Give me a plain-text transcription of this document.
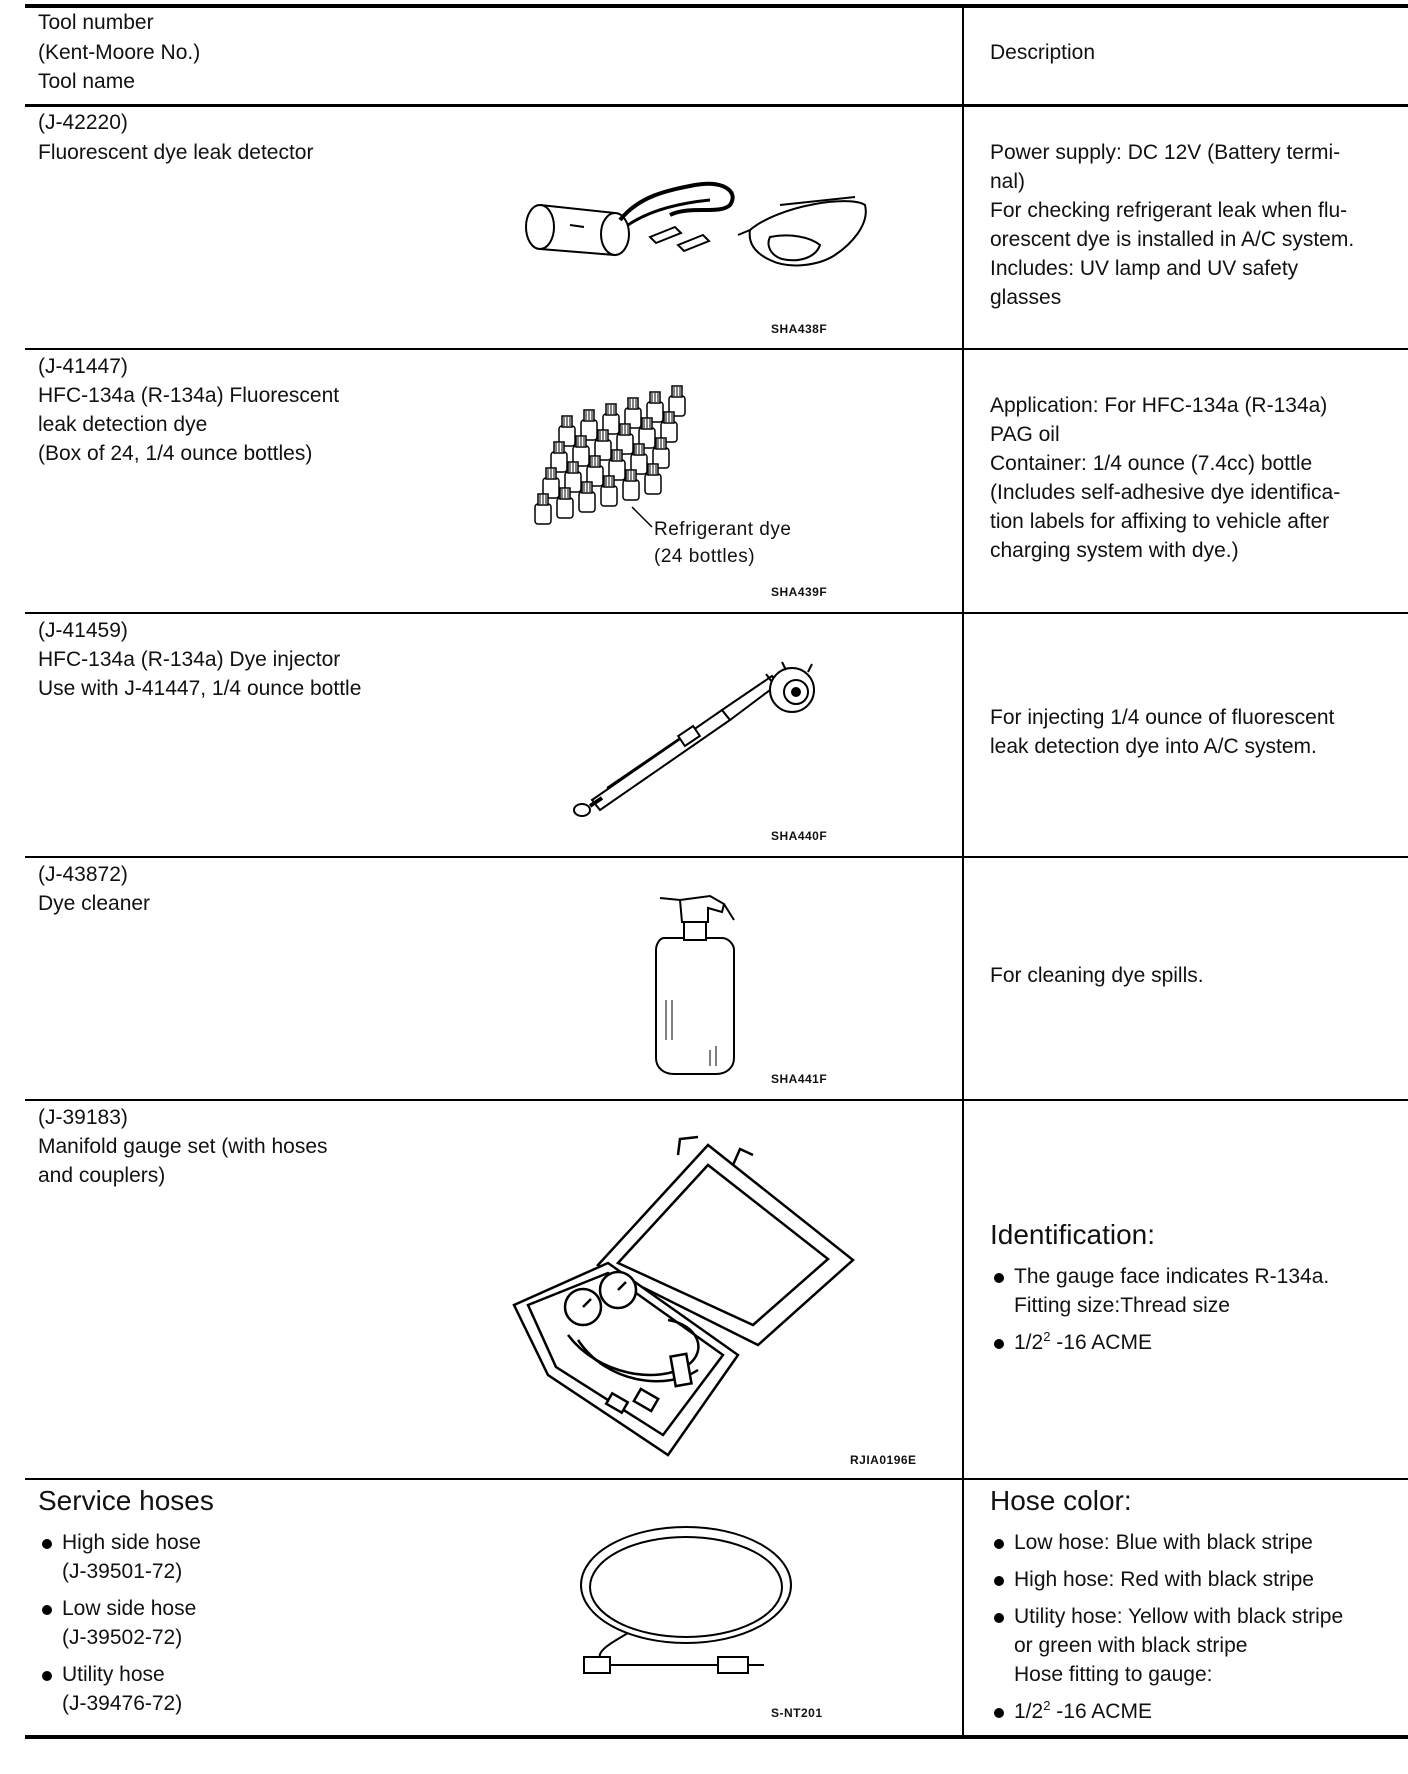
Tool number
(Kent-Moore No.)
Tool name
Description
(J-42220)
Fluorescent dye leak detector
SHA438F
Power supply: DC 12V (Battery termi-
nal)
For checking refrigerant leak when flu-
orescent dye is installed in A/C system.
Includes: UV lamp and UV safety
glasses
(J-41447)
HFC-134a (R-134a) Fluorescent
leak detection dye
(Box of 24, 1/4 ounce bottles)
Refrigerant dye
(24 bottles)
SHA439F
Application: For HFC-134a (R-134a)
PAG oil
Container: 1/4 ounce (7.4cc) bottle
(Includes self-adhesive dye identifica-
tion labels for affixing to vehicle after
charging system with dye.)
(J-41459)
HFC-134a (R-134a) Dye injector
Use with J-41447, 1/4 ounce bottle
SHA440F
For injecting 1/4 ounce of fluorescent
leak detection dye into A/C system.
(J-43872)
Dye cleaner
SHA441F
For cleaning dye spills.
(J-39183)
Manifold gauge set (with hoses
and couplers)
RJIA0196E
Identification:
The gauge face indicates R-134a.
Fitting size:Thread size
$1/2^2$ -16 ACME
Service hoses
High side hose
(J-39501-72)
Low side hose
(J-39502-72)
Utility hose
(J-39476-72)	S-NT201
Hose color:
Low hose: Blue with black stripe
High hose: Red with black stripe
Utility hose: Yellow with black stripe
or green with black stripe
Hose fitting to gauge:
$1/2^2$ -16 ACME
